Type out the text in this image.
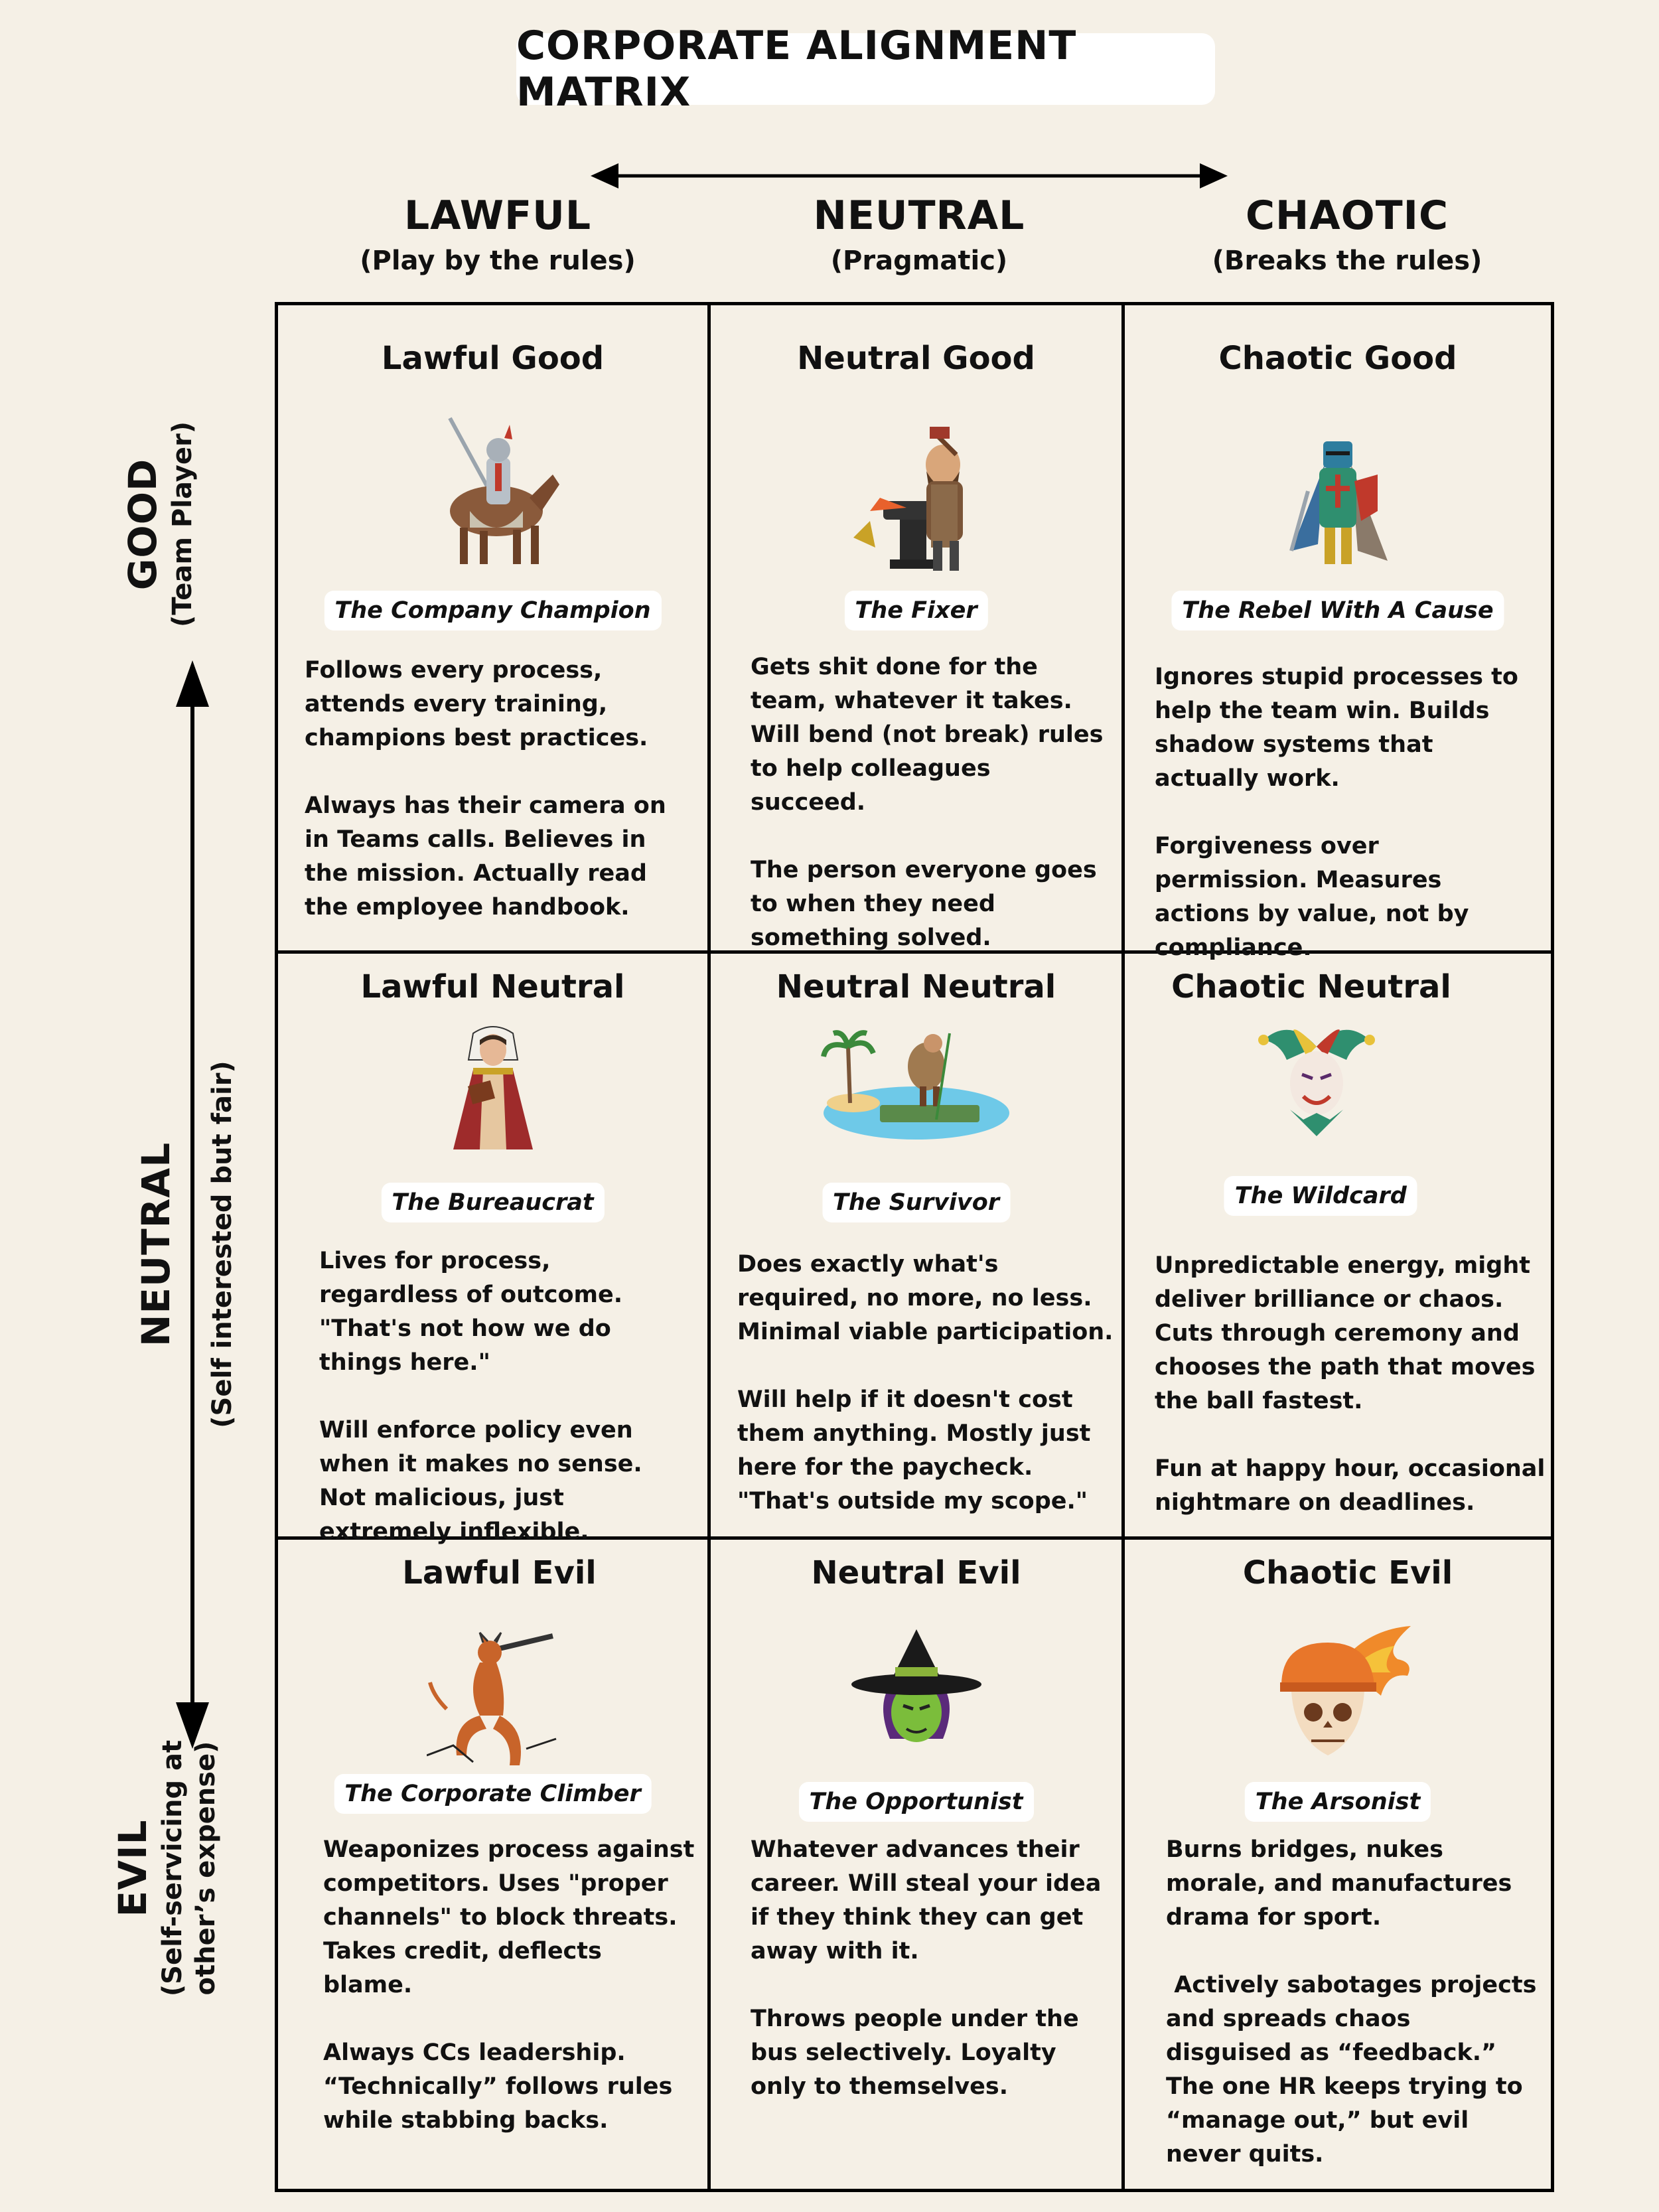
CORPORATE ALIGNMENT MATRIX
LAWFUL
(Play by the rules)
NEUTRAL
(Pragmatic)
CHAOTIC
(Breaks the rules)
GOOD (Team Player)
NEUTRAL (Self interested but fair)
EVIL (Self-servicing at other’s expense)
Lawful Good
The Company Champion

Follows every process, attends every training, champions best practices.

Always has their camera on in Teams calls. Believes in the mission. Actually read the employee handbook.

Neutral Good
The Fixer

Gets shit done for the team, whatever it takes. Will bend (not break) rules to help colleagues succeed.

The person everyone goes to when they need something solved.

Chaotic Good
The Rebel With A Cause

Ignores stupid processes to help the team win. Builds shadow systems that actually work.

Forgiveness over permission. Measures actions by value, not by compliance.

Lawful Neutral
The Bureaucrat

Lives for process, regardless of outcome. "That's not how we do things here."

Will enforce policy even when it makes no sense. Not malicious, just extremely inflexible.

Neutral Neutral
The Survivor

Does exactly what's required, no more, no less. Minimal viable participation.

Will help if it doesn't cost them anything. Mostly just here for the paycheck. "That's outside my scope."

Chaotic Neutral
The Wildcard

Unpredictable energy, might deliver brilliance or chaos. Cuts through ceremony and chooses the path that moves the ball fastest.

Fun at happy hour, occasional nightmare on deadlines.

Lawful Evil
The Corporate Climber

Weaponizes process against competitors. Uses "proper channels" to block threats. Takes credit, deflects blame.

Always CCs leadership. “Technically” follows rules while stabbing backs.

Neutral Evil
The Opportunist

Whatever advances their career. Will steal your idea if they think they can get away with it.

Throws people under the bus selectively. Loyalty only to themselves.

Chaotic Evil
The Arsonist

Burns bridges, nukes morale, and manufactures drama for sport.

Actively sabotages projects and spreads chaos disguised as “feedback.” The one HR keeps trying to “manage out,” but evil never quits.
